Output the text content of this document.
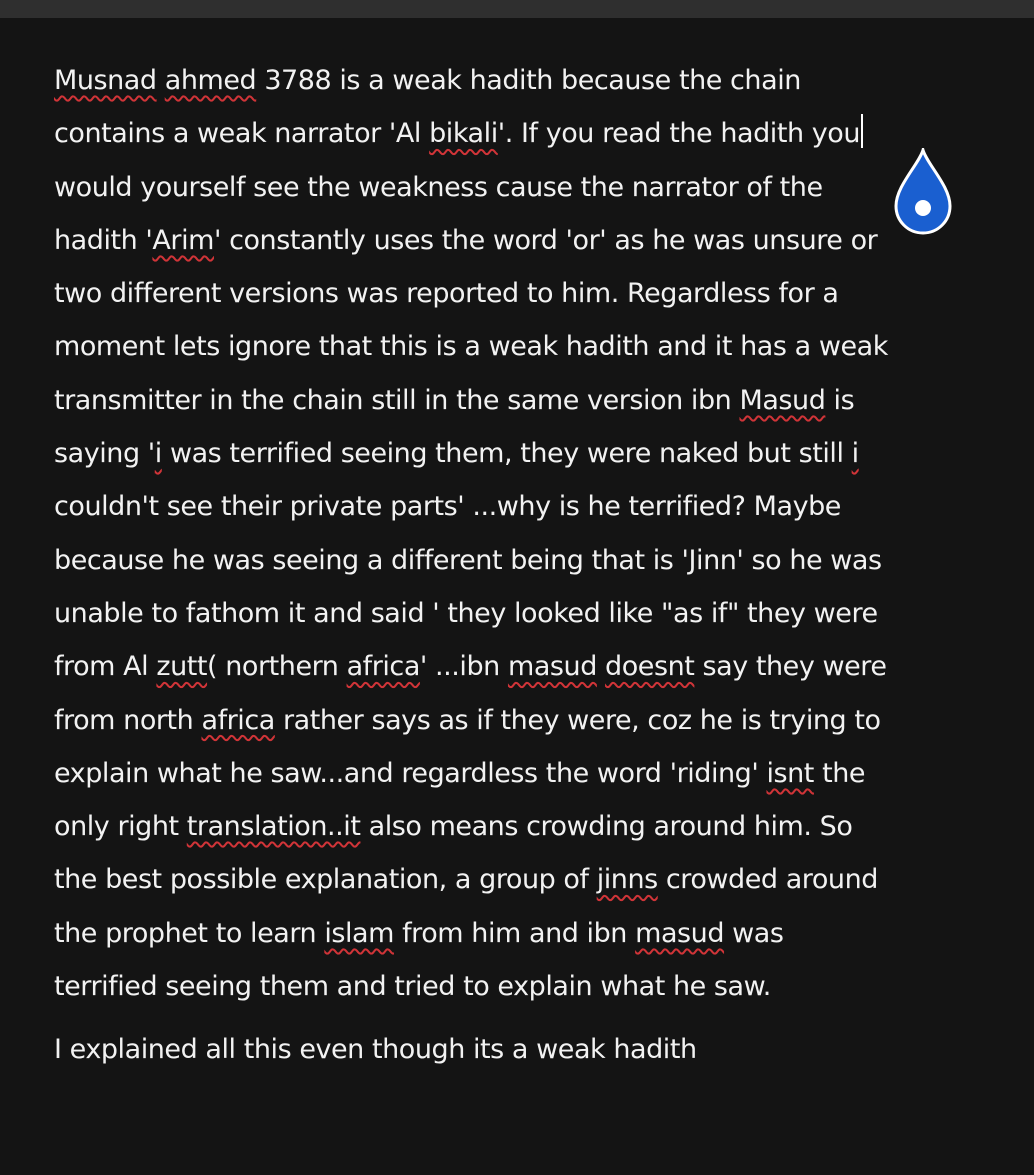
Musnad ahmed 3788 is a weak hadith because the chain
contains a weak narrator 'Al bikali'. If you read the hadith you
would yourself see the weakness cause the narrator of the
hadith 'Arim' constantly uses the word 'or' as he was unsure or
two different versions was reported to him. Regardless for a
moment lets ignore that this is a weak hadith and it has a weak
transmitter in the chain still in the same version ibn Masud is
saying 'i was terrified seeing them, they were naked but still i
couldn't see their private parts' ...why is he terrified? Maybe
because he was seeing a different being that is 'Jinn' so he was
unable to fathom it and said ' they looked like "as if" they were
from Al zutt( northern africa' ...ibn masud doesnt say they were
from north africa rather says as if they were, coz he is trying to
explain what he saw...and regardless the word 'riding' isnt the
only right translation..it also means crowding around him. So
the best possible explanation, a group of jinns crowded around
the prophet to learn islam from him and ibn masud was
terrified seeing them and tried to explain what he saw.
I explained all this even though its a weak hadith
